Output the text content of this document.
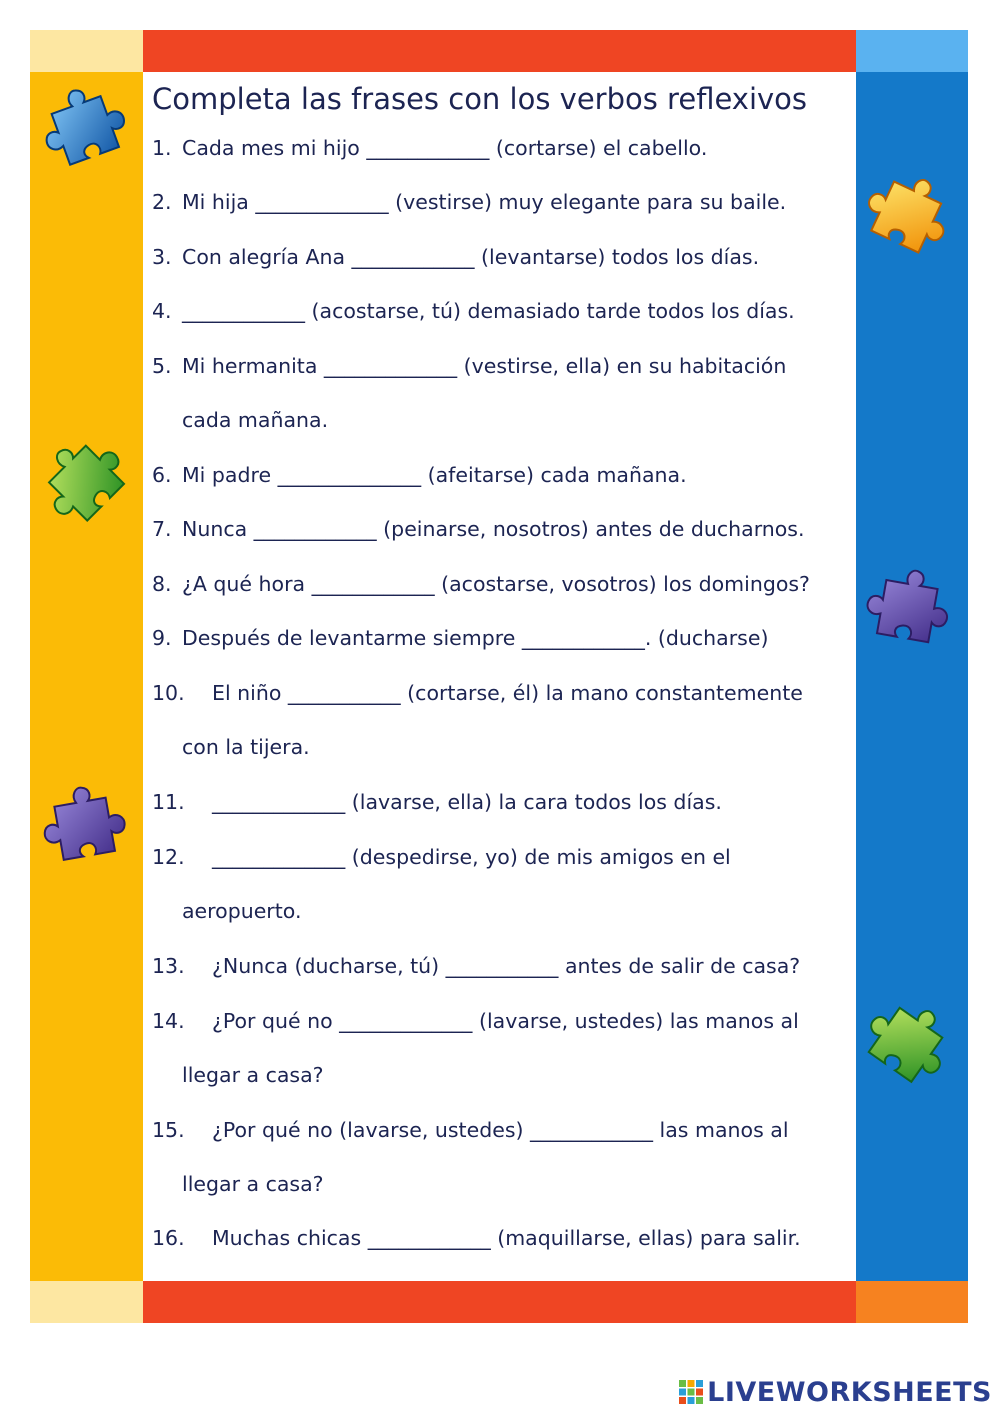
Completa las frases con los verbos reflexivos
1. Cada mes mi hijo ____________ (cortarse) el cabello.
2. Mi hija _____________ (vestirse) muy elegante para su baile.
3. Con alegría Ana ____________ (levantarse) todos los días.
4. ____________ (acostarse, tú) demasiado tarde todos los días.
5. Mi hermanita _____________ (vestirse, ella) en su habitación
cada mañana.
6. Mi padre ______________ (afeitarse) cada mañana.
7. Nunca ____________ (peinarse, nosotros) antes de ducharnos.
8. ¿A qué hora ____________ (acostarse, vosotros) los domingos?
9. Después de levantarme siempre ____________. (ducharse)
10. El niño ___________ (cortarse, él) la mano constantemente
con la tijera.
11. _____________ (lavarse, ella) la cara todos los días.
12. _____________ (despedirse, yo) de mis amigos en el
aeropuerto.
13. ¿Nunca (ducharse, tú) ___________ antes de salir de casa?
14. ¿Por qué no _____________ (lavarse, ustedes) las manos al
llegar a casa?
15. ¿Por qué no (lavarse, ustedes) ____________ las manos al
llegar a casa?
16. Muchas chicas ____________ (maquillarse, ellas) para salir.
LIVEWORKSHEETS
